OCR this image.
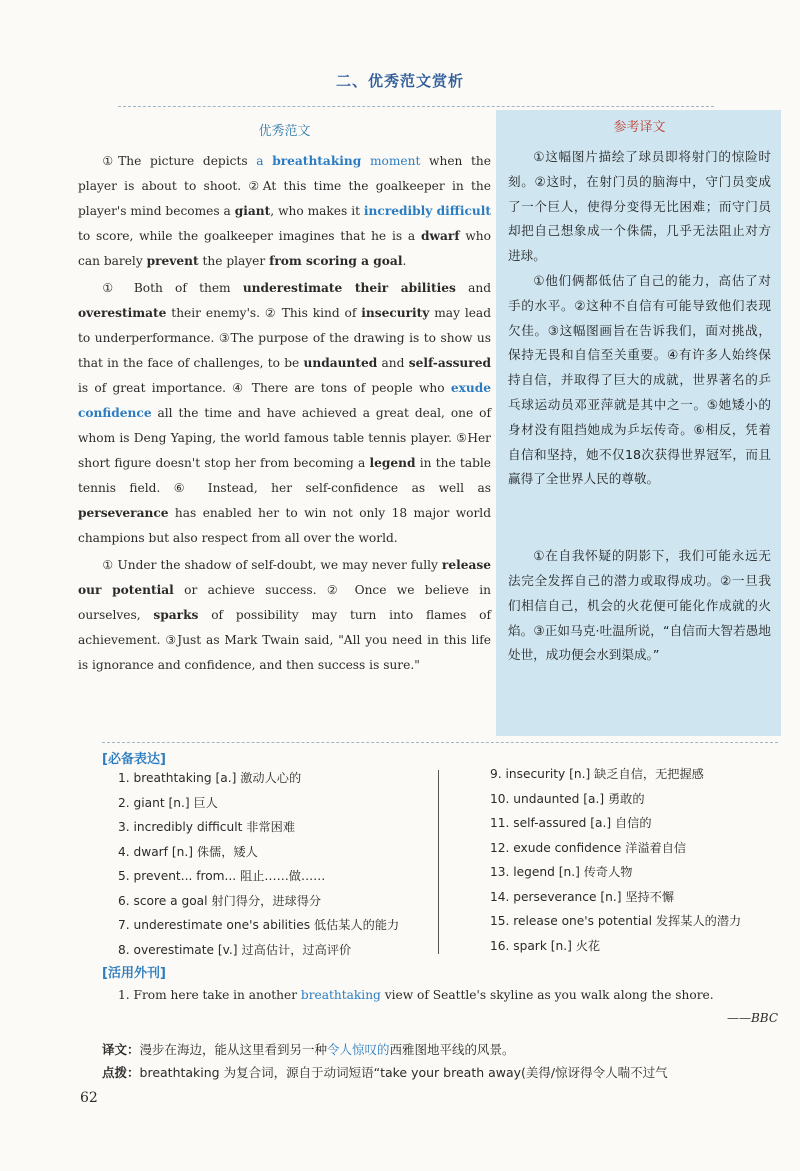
二、优秀范文赏析
优秀范文

①The picture depicts a breathtaking moment when the player is about to shoot. ②At this time the goalkeeper in the player's mind becomes a giant, who makes it incredibly difficult to score, while the goalkeeper imagines that he is a dwarf who can barely prevent the player from scoring a goal.

① Both of them underestimate their abilities and overestimate their enemy's. ② This kind of insecurity may lead to underperformance. ③The purpose of the drawing is to show us that in the face of challenges, to be undaunted and self-assured is of great importance. ④ There are tons of people who exude confidence all the time and have achieved a great deal, one of whom is Deng Yaping, the world famous table tennis player. ⑤Her short figure doesn't stop her from becoming a legend in the table tennis field. ⑥ Instead, her self-confidence as well as perseverance has enabled her to win not only 18 major world champions but also respect from all over the world.

① Under the shadow of self-doubt, we may never fully release our potential or achieve success. ② Once we believe in ourselves, sparks of possibility may turn into flames of achievement. ③Just as Mark Twain said, "All you need in this life is ignorance and confidence, and then success is sure."

参考译文

①这幅图片描绘了球员即将射门的惊险时刻。②这时，在射门员的脑海中，守门员变成了一个巨人，使得分变得无比困难；而守门员却把自己想象成一个侏儒，几乎无法阻止对方进球。

①他们俩都低估了自己的能力，高估了对手的水平。②这种不自信有可能导致他们表现欠佳。③这幅图画旨在告诉我们，面对挑战，保持无畏和自信至关重要。④有许多人始终保持自信，并取得了巨大的成就，世界著名的乒乓球运动员邓亚萍就是其中之一。⑤她矮小的身材没有阻挡她成为乒坛传奇。⑥相反，凭着自信和坚持，她不仅18次获得世界冠军，而且赢得了全世界人民的尊敬。

①在自我怀疑的阴影下，我们可能永远无法完全发挥自己的潜力或取得成功。②一旦我们相信自己，机会的火花便可能化作成就的火焰。③正如马克·吐温所说，“自信而大智若愚地处世，成功便会水到渠成。”

[必备表达]
1. breathtaking [a.] 激动人心的
2. giant [n.] 巨人
3. incredibly difficult 非常困难
4. dwarf [n.] 侏儒，矮人
5. prevent... from... 阻止……做……
6. score a goal 射门得分，进球得分
7. underestimate one's abilities 低估某人的能力
8. overestimate [v.] 过高估计，过高评价
9. insecurity [n.] 缺乏自信，无把握感
10. undaunted [a.] 勇敢的
11. self-assured [a.] 自信的
12. exude confidence 洋溢着自信
13. legend [n.] 传奇人物
14. perseverance [n.] 坚持不懈
15. release one's potential 发挥某人的潜力
16. spark [n.] 火花
[活用外刊]
1. From here take in another breathtaking view of Seattle's skyline as you walk along the shore.
——BBC
译文：漫步在海边，能从这里看到另一种令人惊叹的西雅图地平线的风景。
点拨：breathtaking 为复合词，源自于动词短语“take your breath away(美得/惊讶得令人喘不过气
62
